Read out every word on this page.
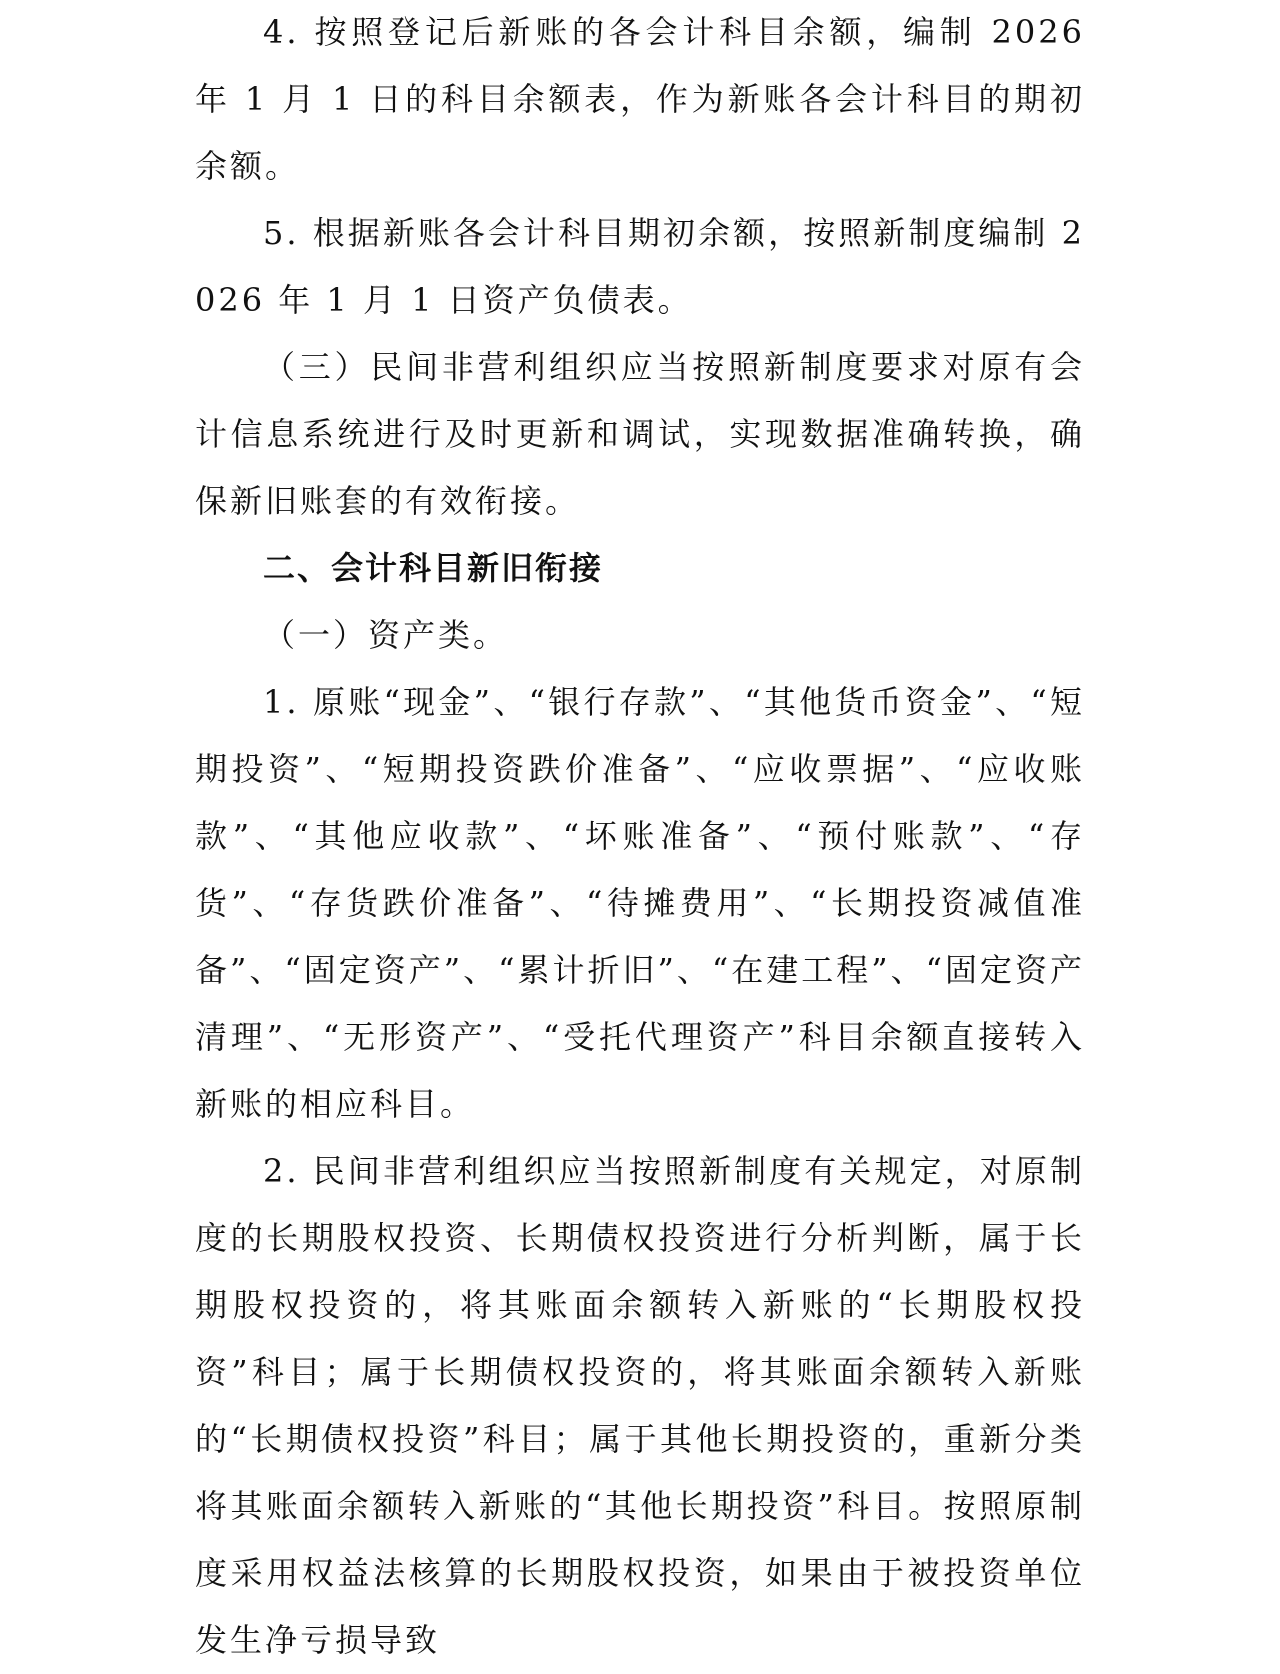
4. 按照登记后新账的各会计科目余额，编制 2026 年 1 月 1 日的科目余额表，作为新账各会计科目的期初余额。

5. 根据新账各会计科目期初余额，按照新制度编制 2026 年 1 月 1 日资产负债表。

（三）民间非营利组织应当按照新制度要求对原有会计信息系统进行及时更新和调试，实现数据准确转换，确保新旧账套的有效衔接。

二、会计科目新旧衔接

（一）资产类。

1. 原账“现金”、“银行存款”、“其他货币资金”、“短期投资”、“短期投资跌价准备”、“应收票据”、“应收账款”、“其他应收款”、“坏账准备”、“预付账款”、“存货”、“存货跌价准备”、“待摊费用”、“长期投资减值准备”、“固定资产”、“累计折旧”、“在建工程”、“固定资产清理”、“无形资产”、“受托代理资产”科目余额直接转入新账的相应科目。

2. 民间非营利组织应当按照新制度有关规定，对原制度的长期股权投资、长期债权投资进行分析判断，属于长期股权投资的，将其账面余额转入新账的“长期股权投资”科目；属于长期债权投资的，将其账面余额转入新账的“长期债权投资”科目；属于其他长期投资的，重新分类将其账面余额转入新账的“其他长期投资”科目。按照原制度采用权益法核算的长期股权投资，如果由于被投资单位发生净亏损导致
